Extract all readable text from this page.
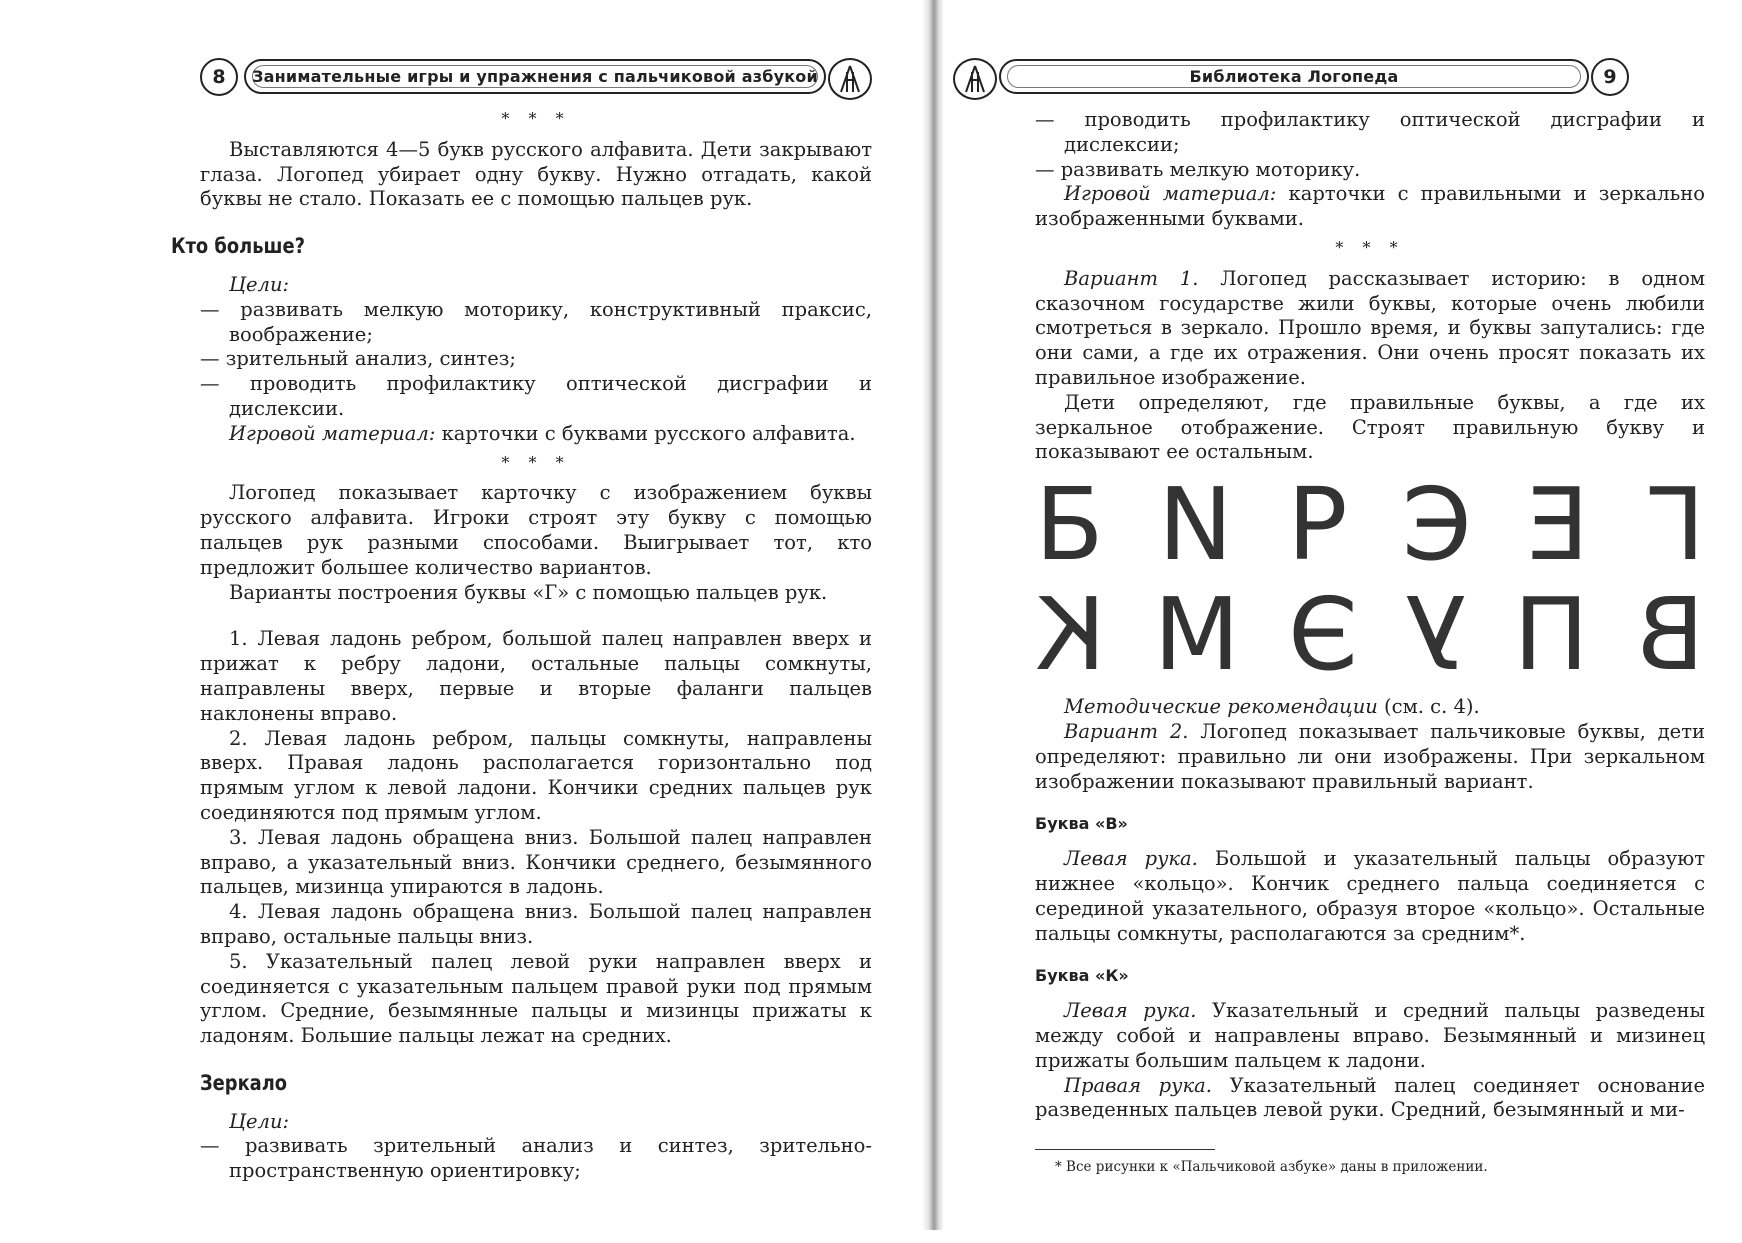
8	Занимательные игры и упражнения с пальчиковой азбукой

* * *

Выставляются 4—5 букв русского алфавита. Дети закрывают глаза. Логопед убирает одну букву. Нужно отгадать, какой буквы не стало. Показать ее с помощью пальцев рук.

Кто больше?

Цели:

— развивать мелкую моторику, конструктивный праксис, воображение;

— зрительный анализ, синтез;

— проводить профилактику оптической дисграфии и дислексии.

Игровой материал: карточки с буквами русского алфавита.

* * *

Логопед показывает карточку с изображением буквы русского алфавита. Игроки строят эту букву с помощью пальцев рук разными способами. Выигрывает тот, кто предложит большее количество вариантов.

Варианты построения буквы «Г» с помощью пальцев рук.

1. Левая ладонь ребром, большой палец направлен вверх и прижат к ребру ладони, остальные пальцы сомкнуты, направлены вверх, первые и вторые фаланги пальцев наклонены вправо.

2. Левая ладонь ребром, пальцы сомкнуты, направлены вверх. Правая ладонь располагается горизонтально под прямым углом к левой ладони. Кончики средних пальцев рук соединяются под прямым углом.

3. Левая ладонь обращена вниз. Большой палец направлен вправо, а указательный вниз. Кончики среднего, безымянного пальцев, мизинца упираются в ладонь.

4. Левая ладонь обращена вниз. Большой палец направлен вправо, остальные пальцы вниз.

5. Указательный палец левой руки направлен вверх и соединяется с указательным пальцем правой руки под прямым углом. Средние, безымянные пальцы и мизинцы прижаты к ладоням. Большие пальцы лежат на средних.

Зеркало

Цели:

— развивать зрительный анализ и синтез, зрительно-пространственную ориентировку;

Библиотека Логопеда	9

— проводить профилактику оптической дисграфии и дислексии;

— развивать мелкую моторику.

Игровой материал: карточки с правильными и зеркально изображенными буквами.

* * *

Вариант 1. Логопед рассказывает историю: в одном сказочном государстве жили буквы, которые очень любили смотреться в зеркало. Прошло время, и буквы запутались: где они сами, а где их отражения. Они очень просят показать их правильное изображение.

Дети определяют, где правильные буквы, а где их зеркальное отображение. Строят правильную букву и показывают ее остальным.

Б И Р Э Е Г
К М Э У П В

Методические рекомендации (см. с. 4).

Вариант 2. Логопед показывает пальчиковые буквы, дети определяют: правильно ли они изображены. При зеркальном изображении показывают правильный вариант.

Буква «В»

Левая рука. Большой и указательный пальцы образуют нижнее «кольцо». Кончик среднего пальца соединяется с серединой указательного, образуя второе «кольцо». Остальные пальцы сомкнуты, располагаются за средним*.

Буква «К»

Левая рука. Указательный и средний пальцы разведены между собой и направлены вправо. Безымянный и мизинец прижаты большим пальцем к ладони.

Правая рука. Указательный палец соединяет основание разведенных пальцев левой руки. Средний, безымянный и ми-

* Все рисунки к «Пальчиковой азбуке» даны в приложении.
